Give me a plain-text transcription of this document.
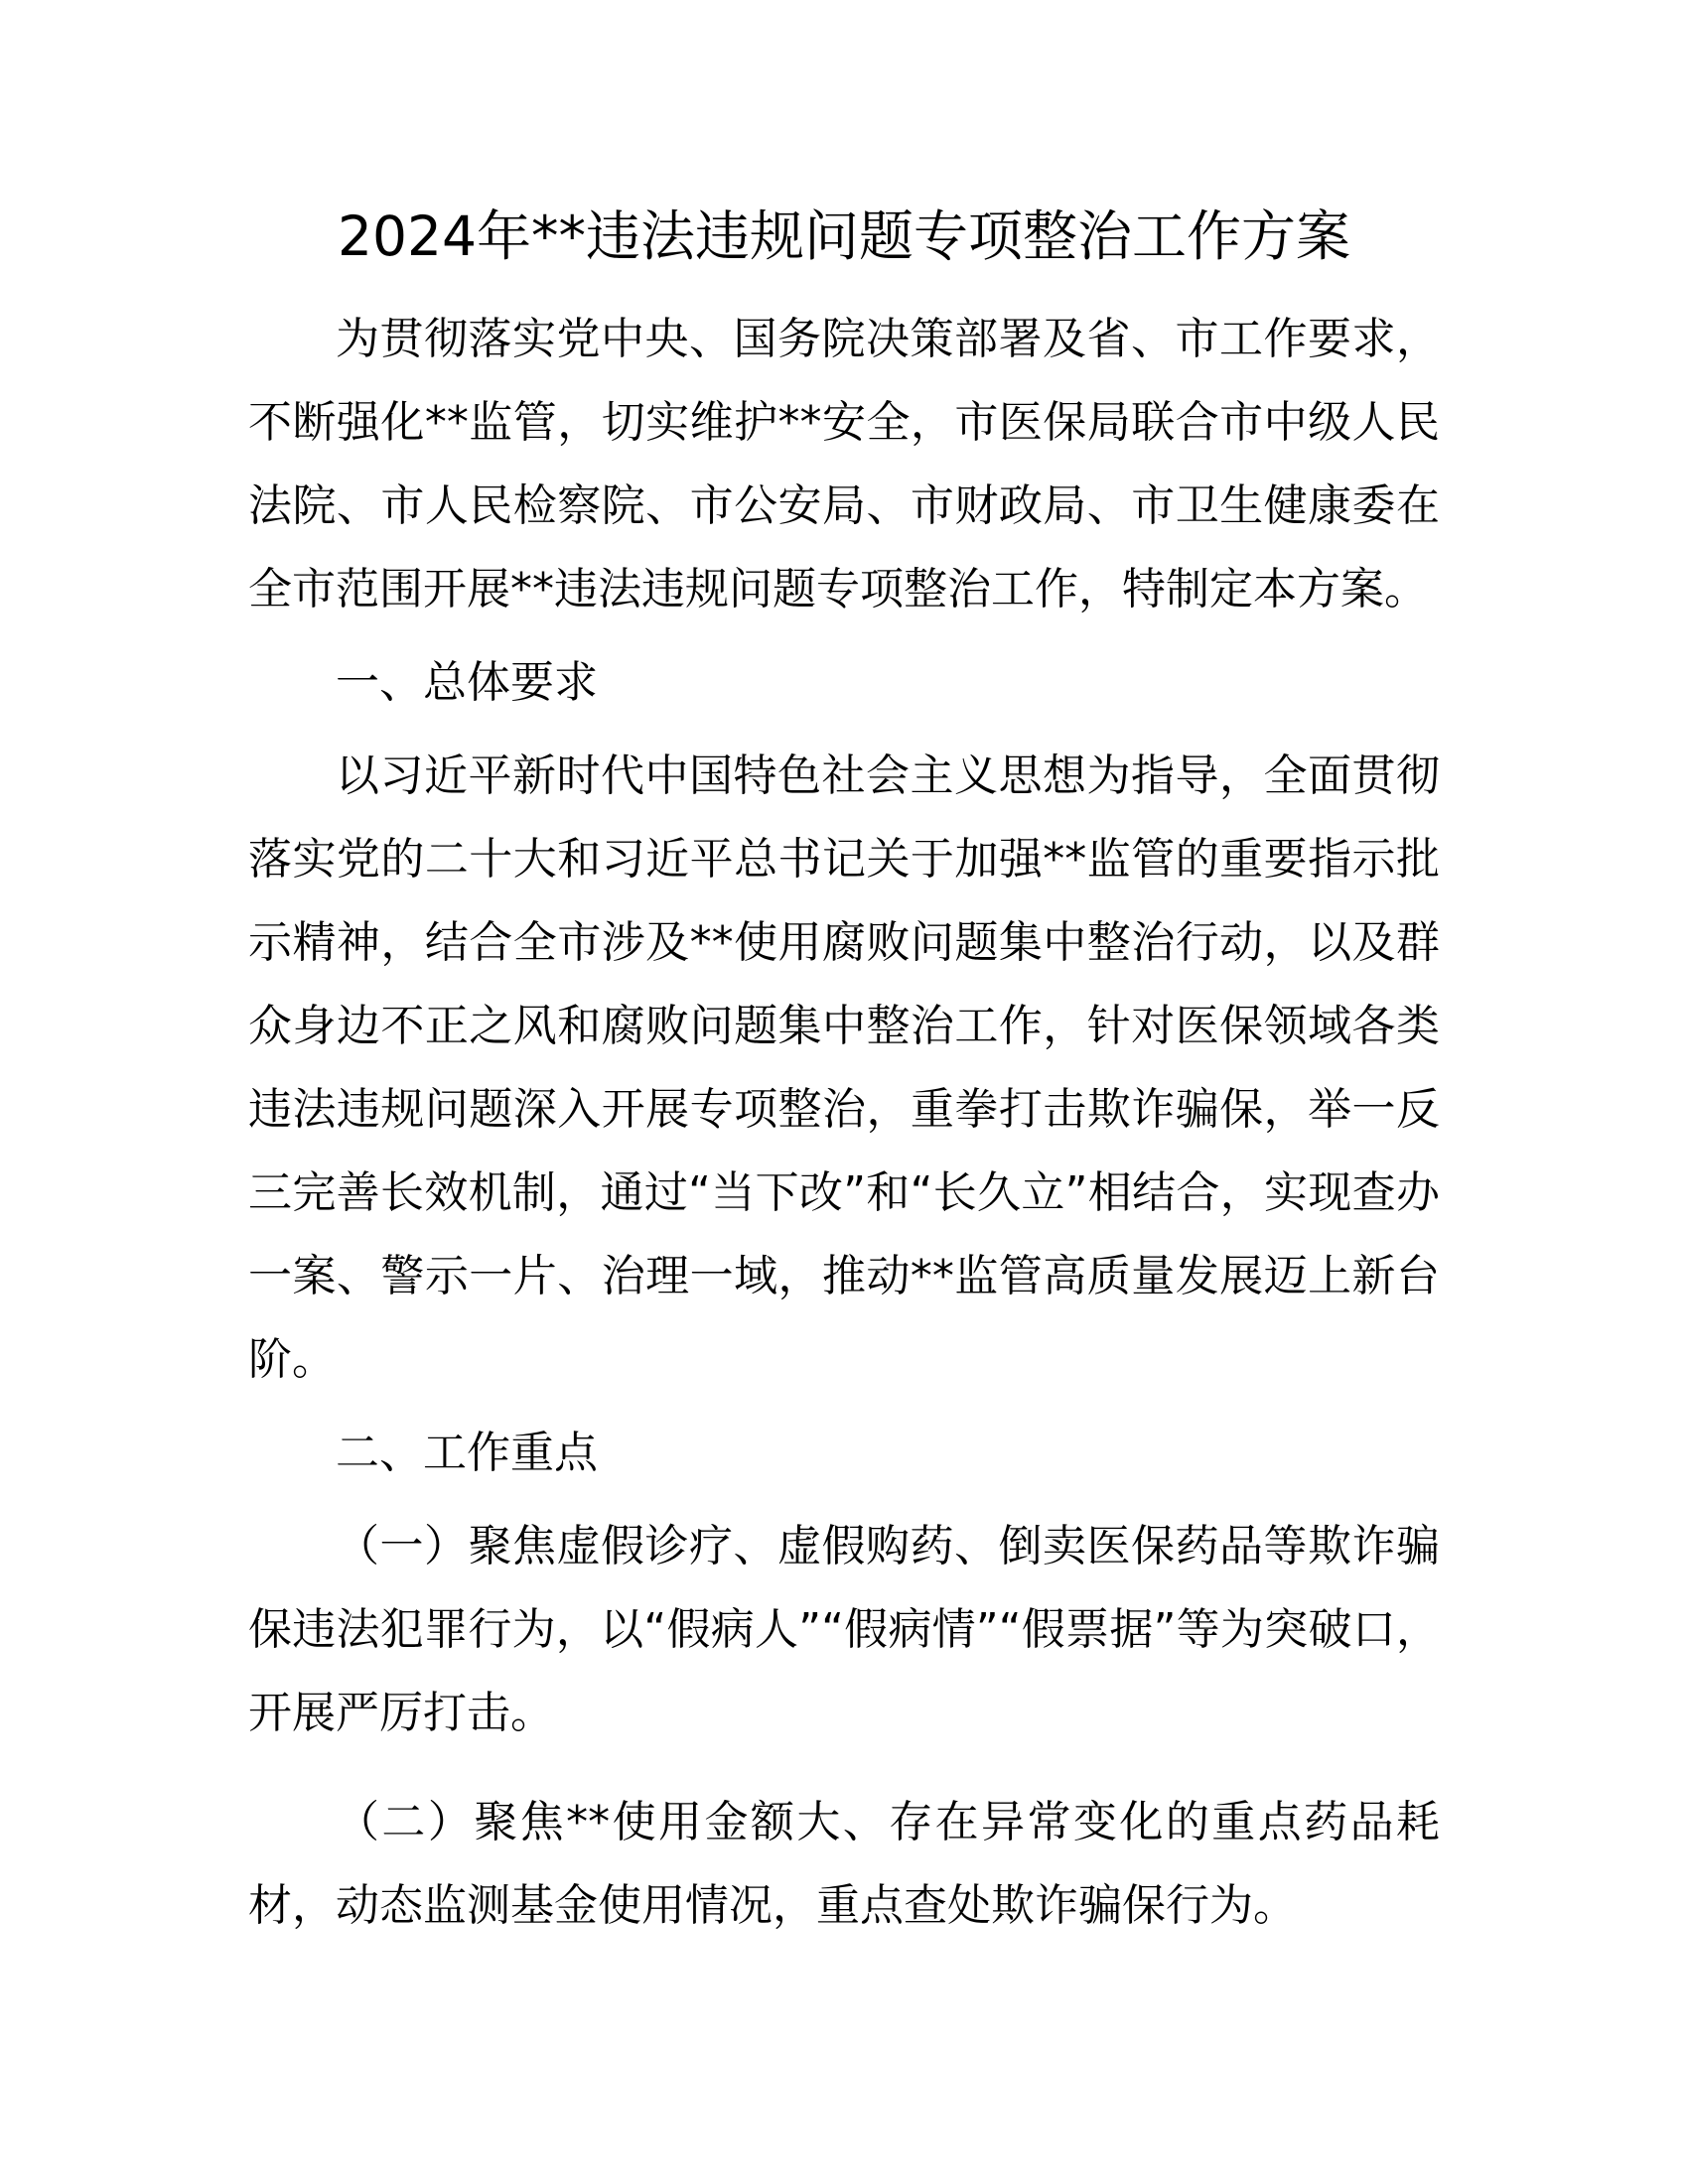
2024年**违法违规问题专项整治工作方案

为贯彻落实党中央、国务院决策部署及省、市工作要求，不断强化**监管，切实维护**安全，市医保局联合市中级人民法院、市人民检察院、市公安局、市财政局、市卫生健康委在全市范围开展**违法违规问题专项整治工作，特制定本方案。

一、总体要求

以习近平新时代中国特色社会主义思想为指导，全面贯彻落实党的二十大和习近平总书记关于加强**监管的重要指示批示精神，结合全市涉及**使用腐败问题集中整治行动，以及群众身边不正之风和腐败问题集中整治工作，针对医保领域各类违法违规问题深入开展专项整治，重拳打击欺诈骗保，举一反三完善长效机制，通过“当下改”和“长久立”相结合，实现查办一案、警示一片、治理一域，推动**监管高质量发展迈上新台阶。

二、工作重点

（一）聚焦虚假诊疗、虚假购药、倒卖医保药品等欺诈骗保违法犯罪行为，以“假病人”“假病情”“假票据”等为突破口，开展严厉打击。

（二）聚焦**使用金额大、存在异常变化的重点药品耗材，动态监测基金使用情况，重点查处欺诈骗保行为。
